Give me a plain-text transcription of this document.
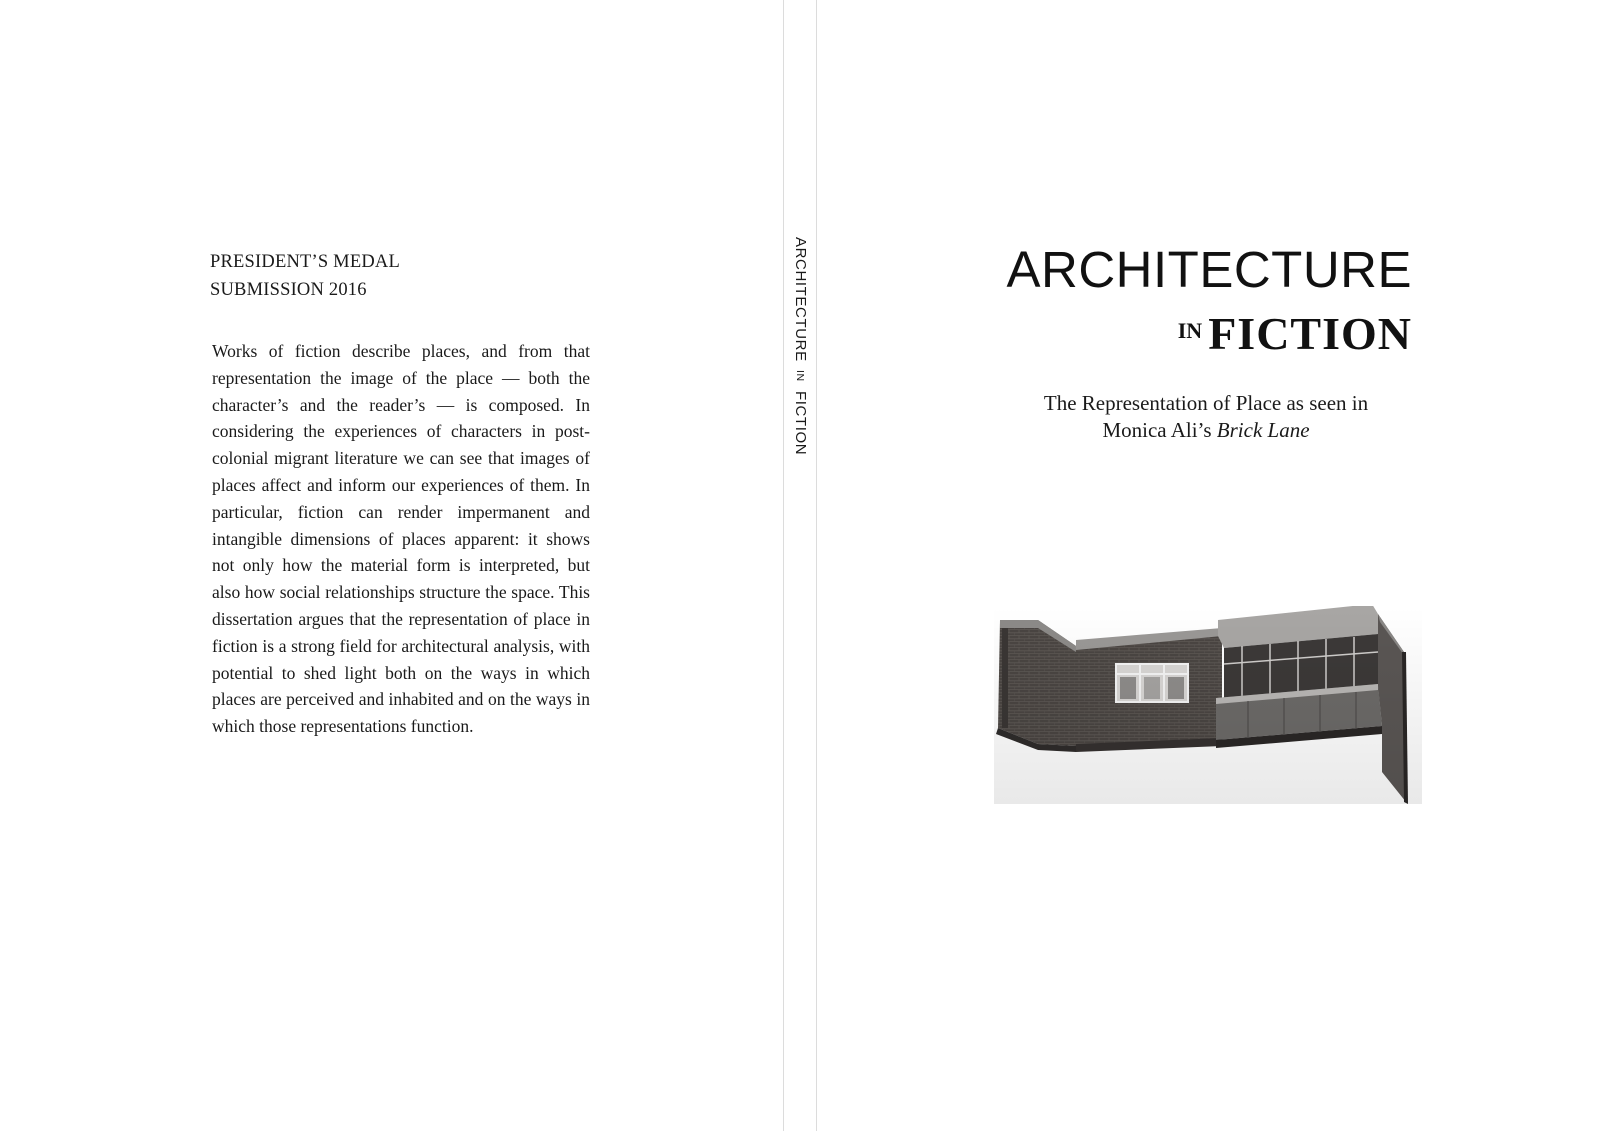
PRESIDENT’S MEDAL
SUBMISSION 2016

Works of fiction describe places, and from that representation the image of the place — both the character’s and the reader’s — is composed. In considering the experiences of characters in post-colonial migrant literature we can see that images of places affect and inform our experiences of them. In particular, fiction can render impermanent and intangible dimensions of places apparent: it shows not only how the material form is interpreted, but also how social relationships structure the space. This dissertation argues that the representation of place in fiction is a strong field for architectural analysis, with potential to shed light both on the ways in which places are perceived and inhabited and on the ways in which those representations function.

ARCHITECTURE IN FICTION
ARCHITECTURE
IN FICTION
The Representation of Place as seen in
Monica Ali’s Brick Lane
